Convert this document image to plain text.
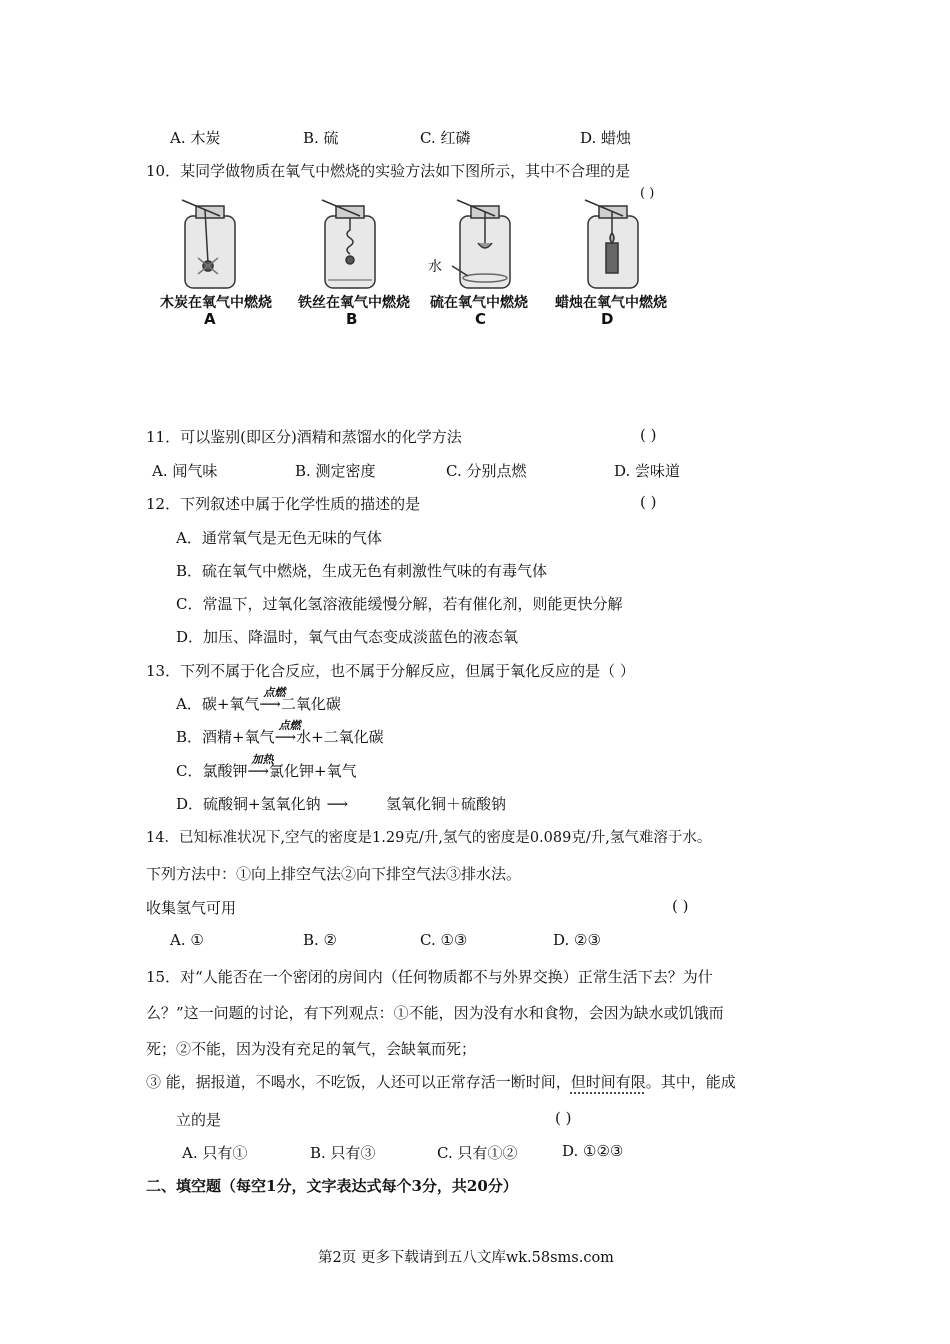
A. 木炭	B. 硫	C. 红磷	D. 蜡烛
10．某同学做物质在氧气中燃烧的实验方法如下图所示，其中不合理的是
( )
水
木炭在氧气中燃烧 铁丝在氧气中燃烧 硫在氧气中燃烧 蜡烛在氧气中燃烧
A	B	C	D
11．可以鉴别(即区分)酒精和蒸馏水的化学方法	( )
A. 闻气味	B. 测定密度	C. 分别点燃	D. 尝味道
12．下列叙述中属于化学性质的描述的是	( )
A．通常氧气是无色无味的气体
B．硫在氧气中燃烧，生成无色有刺激性气味的有毒气体
C．常温下，过氧化氢溶液能缓慢分解，若有催化剂，则能更快分解
D．加压、降温时，氧气由气态变成淡蓝色的液态氧
13．下列不属于化合反应，也不属于分解反应，但属于氧化反应的是（ ）
A．碳+氧气
点燃
⟶二氧化碳
B．酒精+氧气
点燃
⟶水+二氧化碳
C．氯酸钾
加热
⟶氯化钾+氧气
D．硫酸铜+氢氧化钠 ⟶	氢氧化铜＋硫酸钠
14．已知标准状况下,空气的密度是1.29克/升,氢气的密度是0.089克/升,氢气难溶于水。
下列方法中：①向上排空气法②向下排空气法③排水法。
收集氢气可用	( )
A. ①	B. ②	C. ①③	D. ②③
15．对“人能否在一个密闭的房间内（任何物质都不与外界交换）正常生活下去？为什
么？”这一问题的讨论，有下列观点：①不能，因为没有水和食物，会因为缺水或饥饿而
死；②不能，因为没有充足的氧气，会缺氧而死；
③ 能，据报道，不喝水，不吃饭，人还可以正常存活一断时间，但时间有限。其中，能成
立的是	( )
A. 只有①	B. 只有③	C. 只有①②	D. ①②③
二、填空题（每空1分，文字表达式每个3分，共20分）
第2页 更多下载请到五八文库wk.58sms.com
